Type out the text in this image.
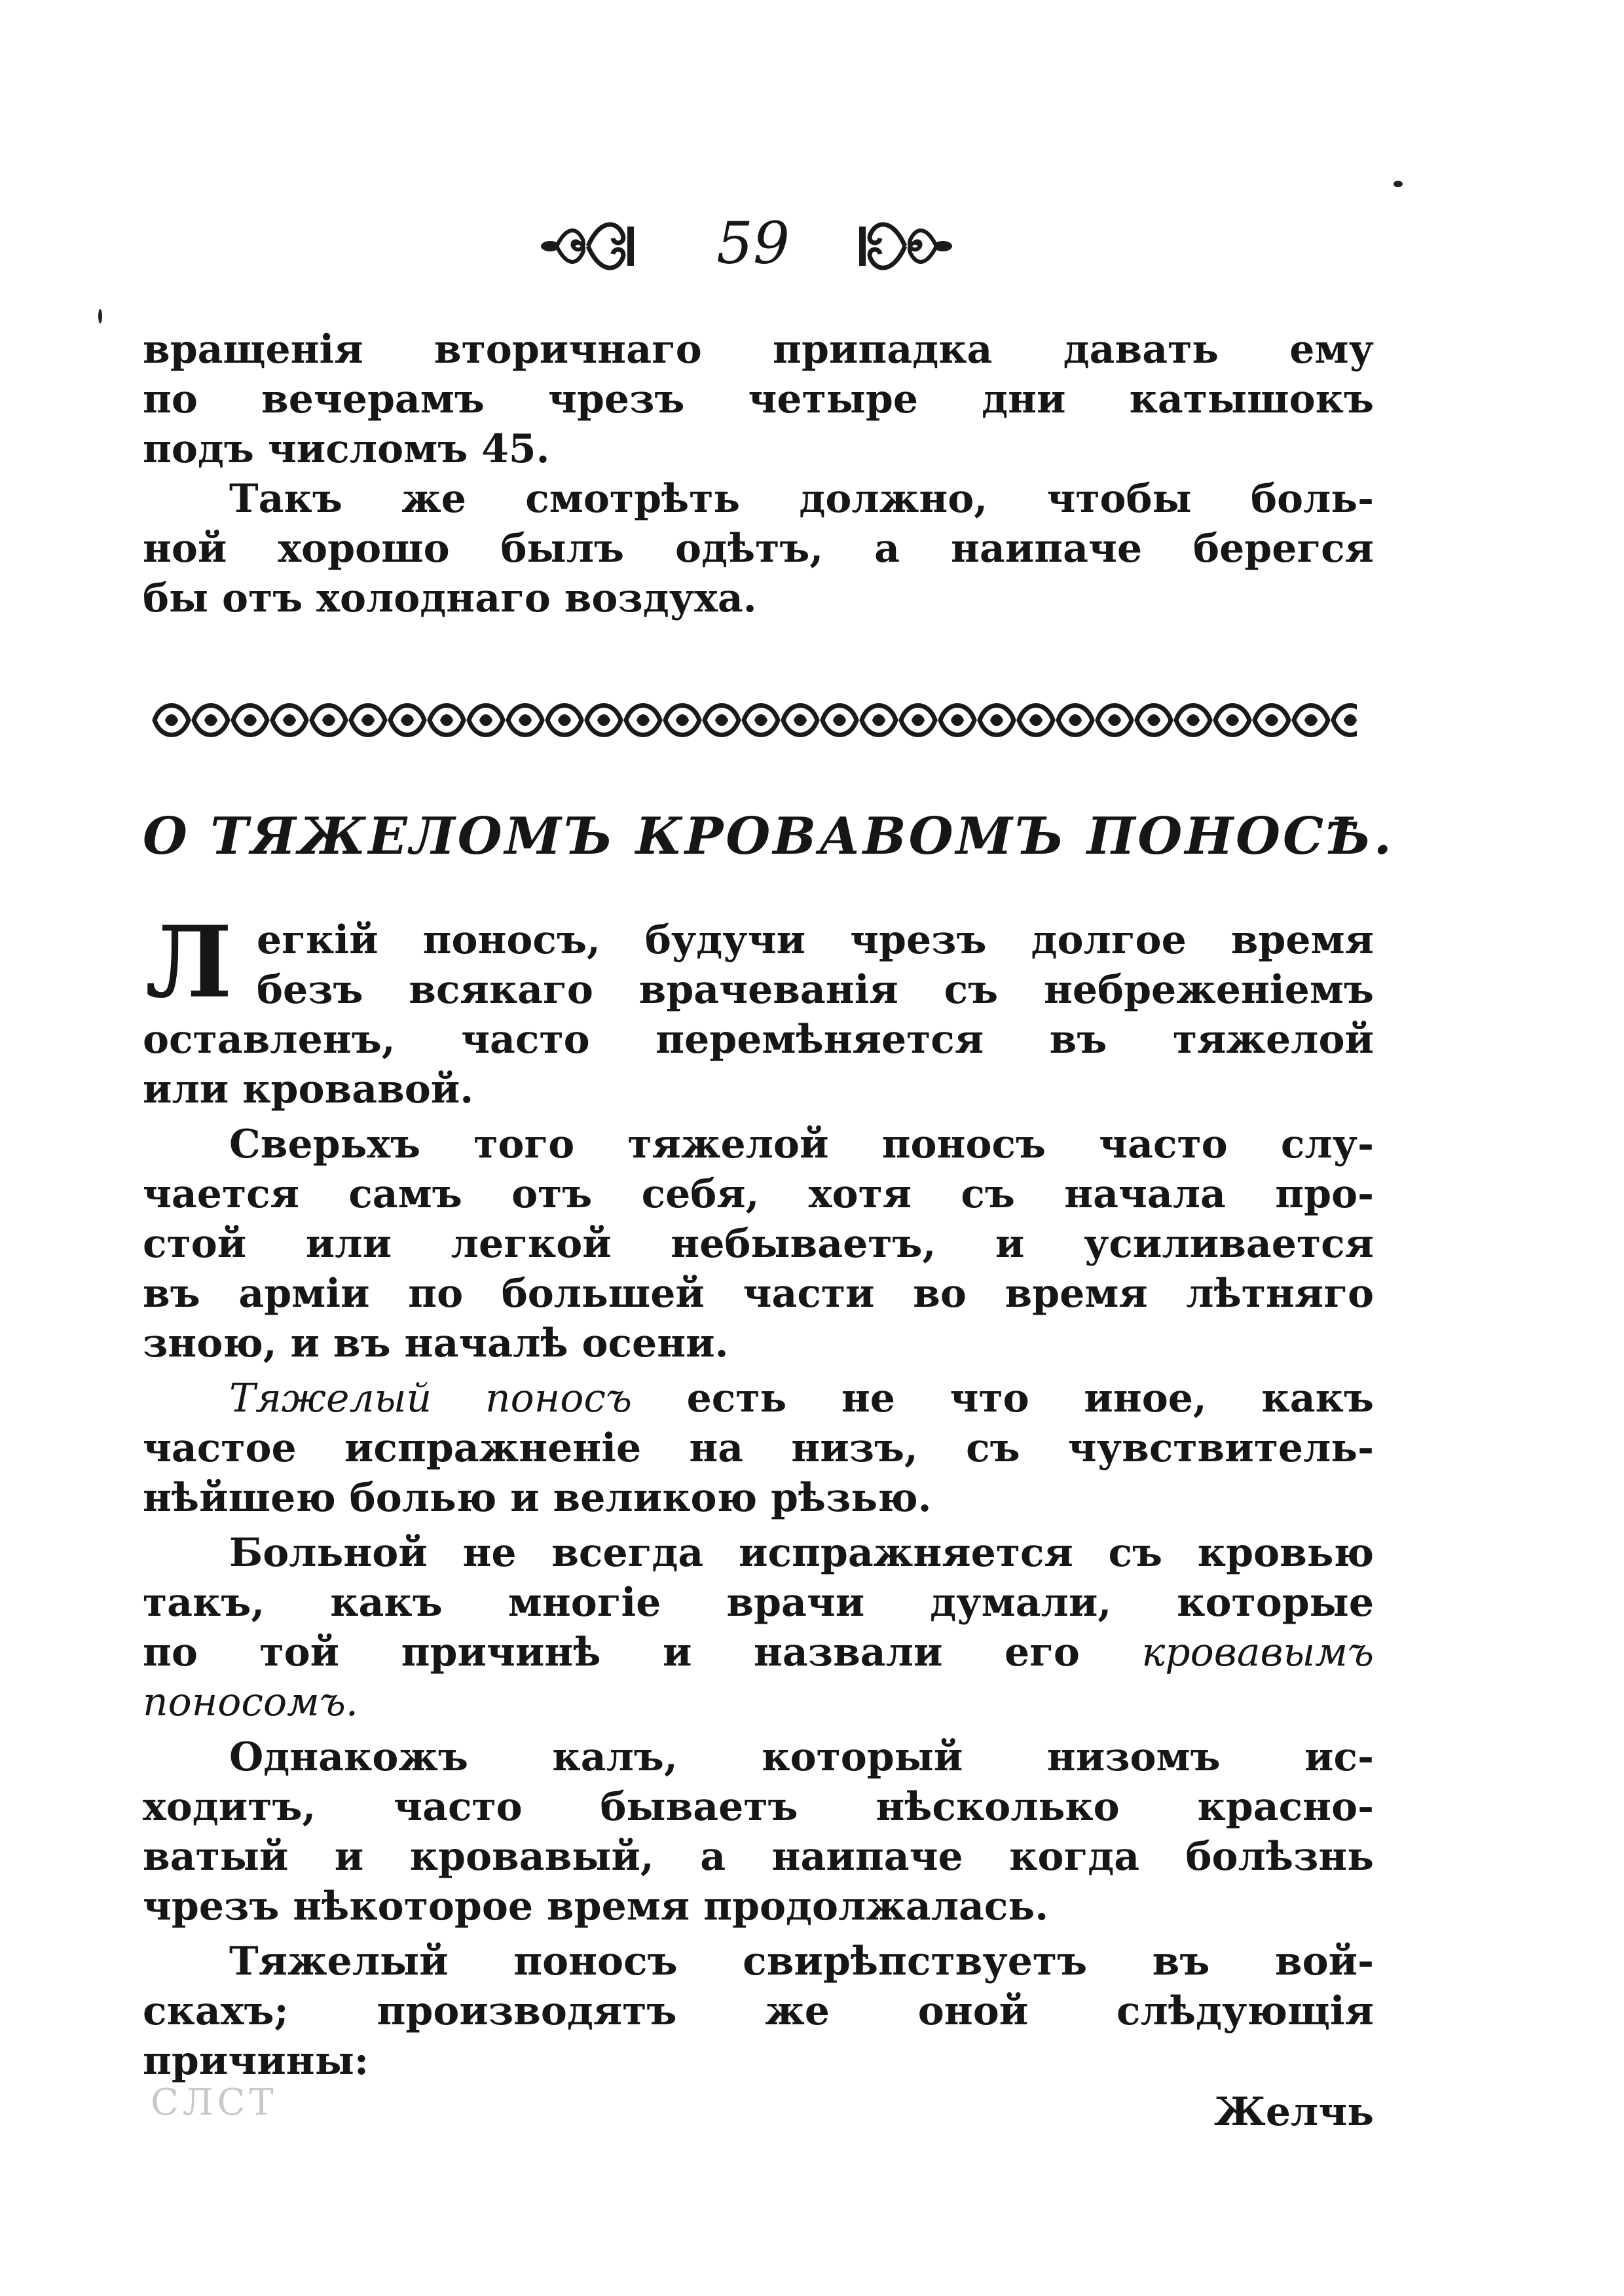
59
вращенія вторичнаго припадка давать ему
по вечерамъ чрезъ четыре дни катышокъ
подъ числомъ 45.
Такъ же смотрѣть должно, чтобы боль-
ной хорошо былъ одѣтъ, а наипаче берегся
бы отъ холоднаго воздуха.
О ТЯЖЕЛОМЪ КРОВАВОМЪ ПОНОСѢ.
Л егкій поносъ, будучи чрезъ долгое время
безъ всякаго врачеванія съ небреженіемъ
оставленъ, часто перемѣняется въ тяжелой
или кровавой.
Сверьхъ того тяжелой поносъ часто слу-
чается самъ отъ себя, хотя съ начала про-
стой или легкой небываетъ, и усиливается
въ арміи по большей части во время лѣтняго
зною, и въ началѣ осени.
Тяжелый поносъ есть не что иное, какъ
частое испражненіе на низъ, съ чувствитель-
нѣйшею болью и великою рѣзью.
Больной не всегда испражняется съ кровью
такъ, какъ многіе врачи думали, которые
по той причинѣ и назвали его кровавымъ
поносомъ.
Однакожъ калъ, который низомъ ис-
ходитъ, часто бываетъ нѣсколько красно-
ватый и кровавый, а наипаче когда болѣзнь
чрезъ нѣкоторое время продолжалась.
Тяжелый поносъ свирѣпствуетъ въ вой-
скахъ; производятъ же оной слѣдующія
причины:
СЛСТ	Желчь
